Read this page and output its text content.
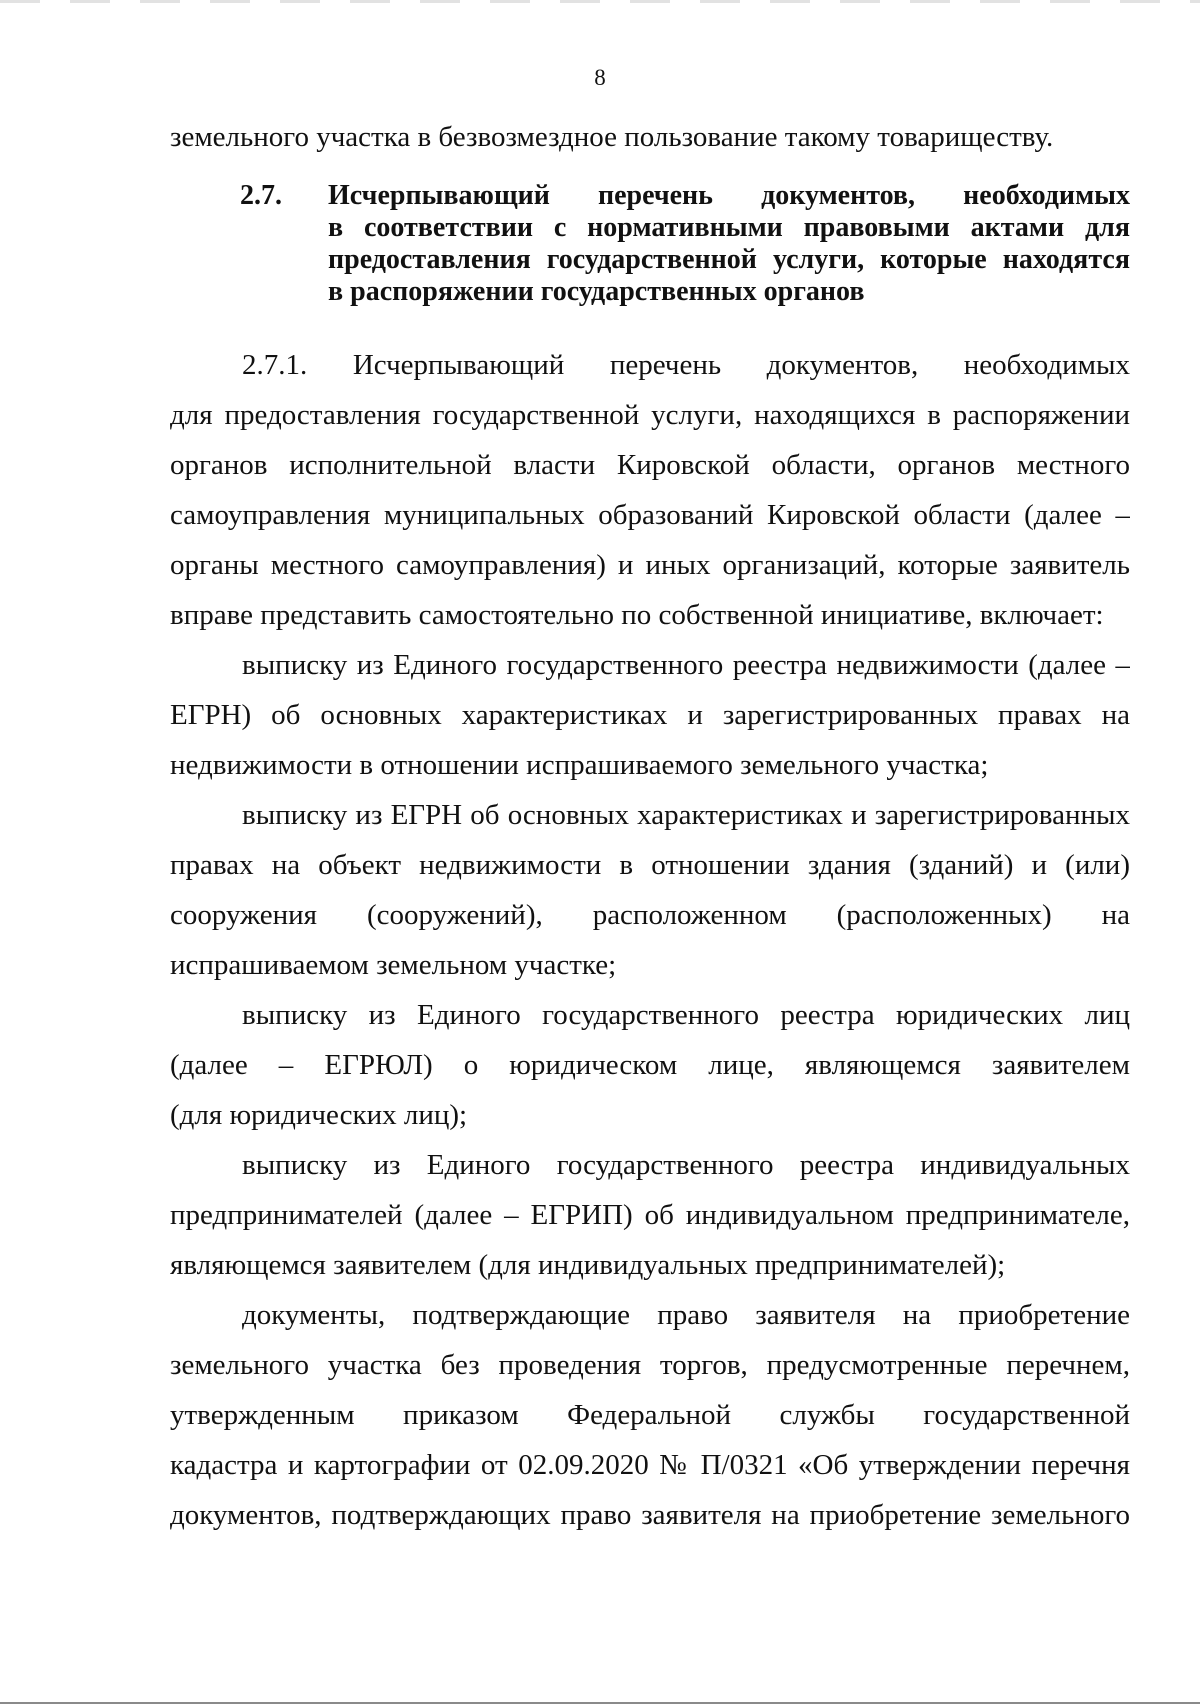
8
земельного участка в безвозмездное пользование такому товариществу.
2.7.	Исчерпывающий перечень документов, необходимых
в соответствии с нормативными правовыми актами для
предоставления государственной услуги, которые находятся
в распоряжении государственных органов
2.7.1. Исчерпывающий перечень документов, необходимых
для предоставления государственной услуги, находящихся в распоряжении
органов исполнительной власти Кировской области, органов местного
самоуправления муниципальных образований Кировской области (далее –
органы местного самоуправления) и иных организаций, которые заявитель
вправе представить самостоятельно по собственной инициативе, включает:
выписку из Единого государственного реестра недвижимости (далее –
ЕГРН) об основных характеристиках и зарегистрированных правах на
недвижимости в отношении испрашиваемого земельного участка;
выписку из ЕГРН об основных характеристиках и зарегистрированных
правах на объект недвижимости в отношении здания (зданий) и (или)
сооружения (сооружений), расположенном (расположенных) на
испрашиваемом земельном участке;
выписку из Единого государственного реестра юридических лиц
(далее – ЕГРЮЛ) о юридическом лице, являющемся заявителем
(для юридических лиц);
выписку из Единого государственного реестра индивидуальных
предпринимателей (далее – ЕГРИП) об индивидуальном предпринимателе,
являющемся заявителем (для индивидуальных предпринимателей);
документы, подтверждающие право заявителя на приобретение
земельного участка без проведения торгов, предусмотренные перечнем,
утвержденным приказом Федеральной службы государственной
кадастра и картографии от 02.09.2020 № П/0321 «Об утверждении перечня
документов, подтверждающих право заявителя на приобретение земельного
